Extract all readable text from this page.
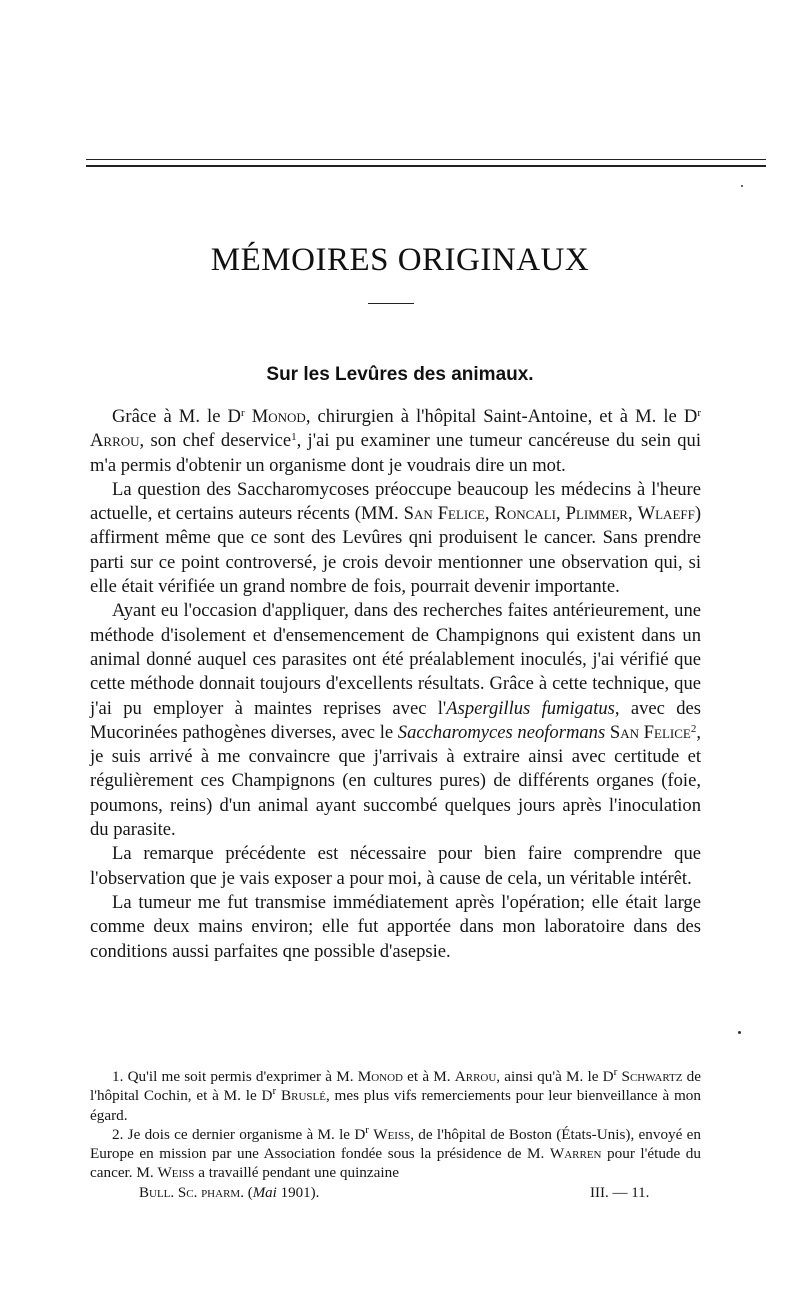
MÉMOIRES ORIGINAUX
Sur les Levûres des animaux.

Grâce à M. le $D^r$ Monod, chirurgien à l'hôpital Saint-Antoine, et à M. le $D^r$ Arrou, son chef deservice$^1$, j'ai pu examiner une tumeur cancéreuse du sein qui m'a permis d'obtenir un organisme dont je voudrais dire un mot.

La question des Saccharomycoses préoccupe beaucoup les médecins à l'heure actuelle, et certains auteurs récents (MM. San Felice, Roncali, Plimmer, Wlaeff) affirment même que ce sont des Levûres qni produisent le cancer. Sans prendre parti sur ce point controversé, je crois devoir mentionner une observation qui, si elle était vérifiée un grand nombre de fois, pourrait devenir importante.

Ayant eu l'occasion d'appliquer, dans des recherches faites antérieurement, une méthode d'isolement et d'ensemencement de Champignons qui existent dans un animal donné auquel ces parasites ont été préalablement inoculés, j'ai vérifié que cette méthode donnait toujours d'excellents résultats. Grâce à cette technique, que j'ai pu employer à maintes reprises avec l'Aspergillus fumigatus, avec des Mucorinées pathogènes diverses, avec le Saccharomyces neoformans San Felice$^2$, je suis arrivé à me convaincre que j'arrivais à extraire ainsi avec certitude et régulièrement ces Champignons (en cultures pures) de différents organes (foie, poumons, reins) d'un animal ayant succombé quelques jours après l'inoculation du parasite.

La remarque précédente est nécessaire pour bien faire comprendre que l'observation que je vais exposer a pour moi, à cause de cela, un véritable intérêt.

La tumeur me fut transmise immédiatement après l'opération; elle était large comme deux mains environ; elle fut apportée dans mon laboratoire dans des conditions aussi parfaites qne possible d'asepsie.

1. Qu'il me soit permis d'exprimer à M. Monod et à M. Arrou, ainsi qu'à M. le $D^r$ Schwartz de l'hôpital Cochin, et à M. le $D^r$ Bruslé, mes plus vifs remerciements pour leur bienveillance à mon égard.

2. Je dois ce dernier organisme à M. le $D^r$ Weiss, de l'hôpital de Boston (États-Unis), envoyé en Europe en mission par une Association fondée sous la présidence de M. Warren pour l'étude du cancer. M. Weiss a travaillé pendant une quinzaine

Bull. Sc. pharm. (Mai 1901).	III. — 11.
